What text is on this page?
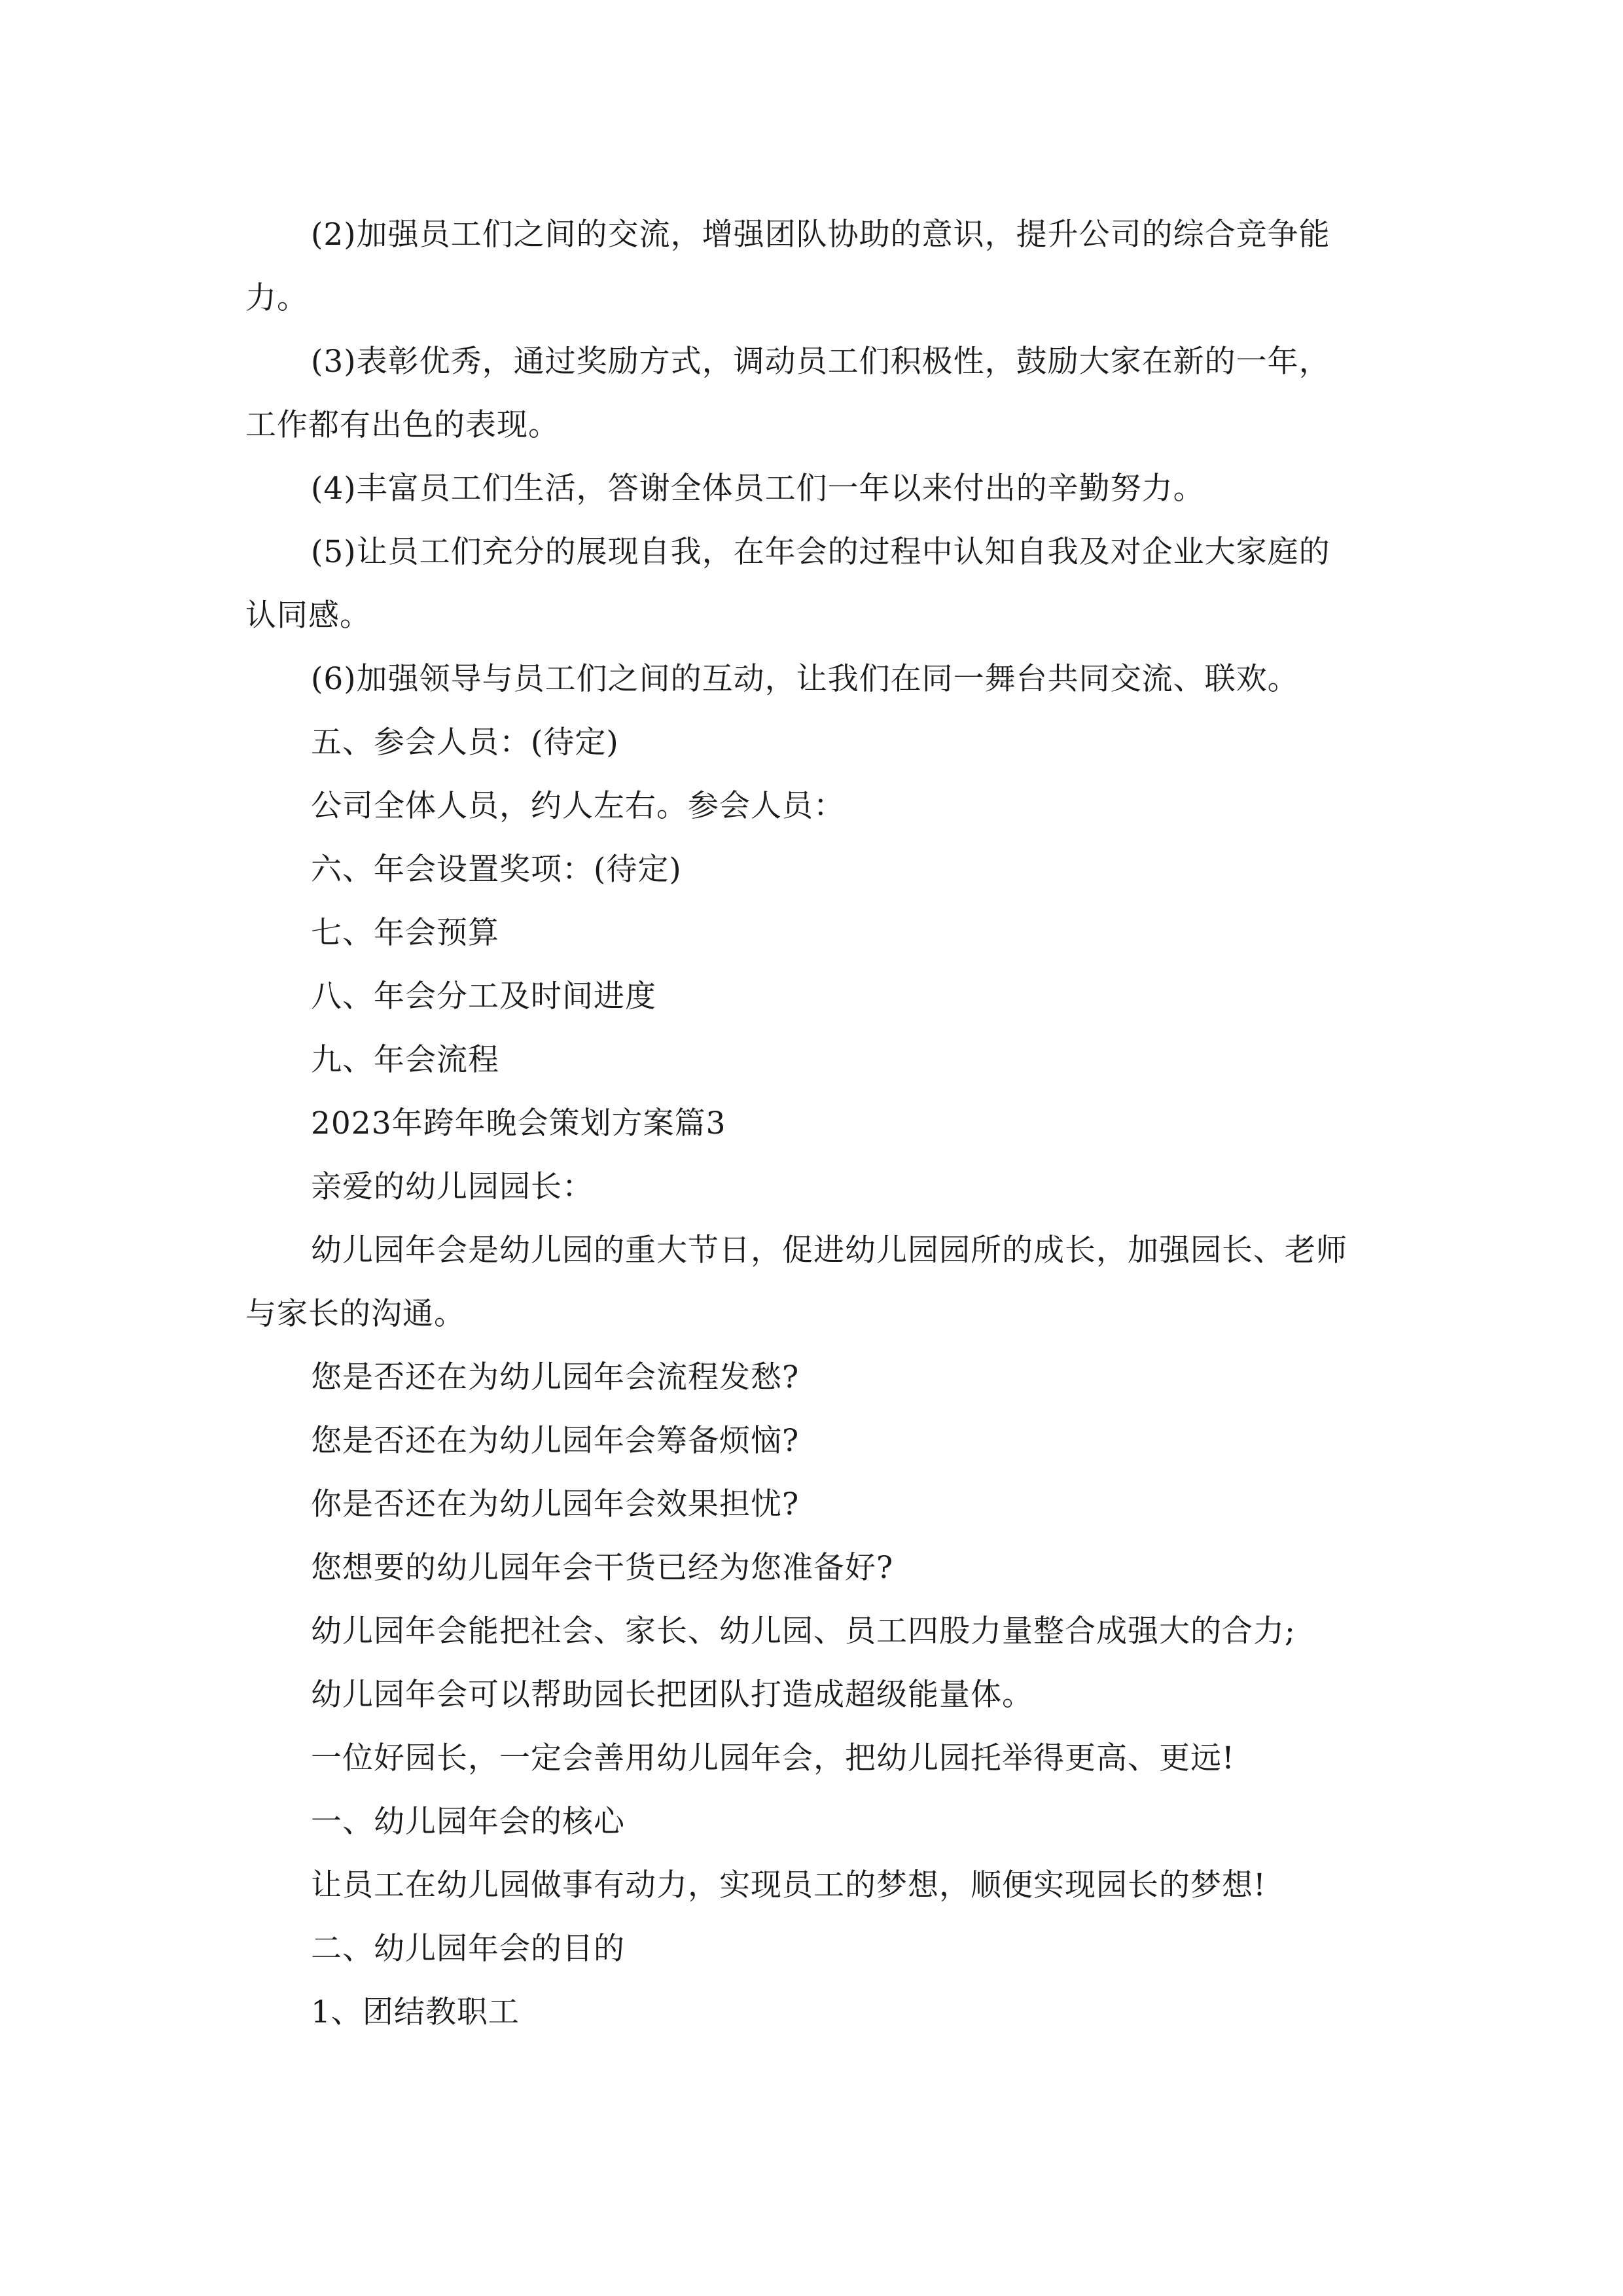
(2)加强员工们之间的交流，增强团队协助的意识，提升公司的综合竞争能

力。

(3)表彰优秀，通过奖励方式，调动员工们积极性，鼓励大家在新的一年，

工作都有出色的表现。

(4)丰富员工们生活，答谢全体员工们一年以来付出的辛勤努力。

(5)让员工们充分的展现自我，在年会的过程中认知自我及对企业大家庭的

认同感。

(6)加强领导与员工们之间的互动，让我们在同一舞台共同交流、联欢。

五、参会人员：(待定)

公司全体人员，约人左右。参会人员：

六、年会设置奖项：(待定)

七、年会预算

八、年会分工及时间进度

九、年会流程

2023年跨年晚会策划方案篇3

亲爱的幼儿园园长：

幼儿园年会是幼儿园的重大节日，促进幼儿园园所的成长，加强园长、老师

与家长的沟通。

您是否还在为幼儿园年会流程发愁?

您是否还在为幼儿园年会筹备烦恼?

你是否还在为幼儿园年会效果担忧?

您想要的幼儿园年会干货已经为您准备好?

幼儿园年会能把社会、家长、幼儿园、员工四股力量整合成强大的合力;

幼儿园年会可以帮助园长把团队打造成超级能量体。

一位好园长，一定会善用幼儿园年会，把幼儿园托举得更高、更远!

一、幼儿园年会的核心

让员工在幼儿园做事有动力，实现员工的梦想，顺便实现园长的梦想!

二、幼儿园年会的目的

1、团结教职工
